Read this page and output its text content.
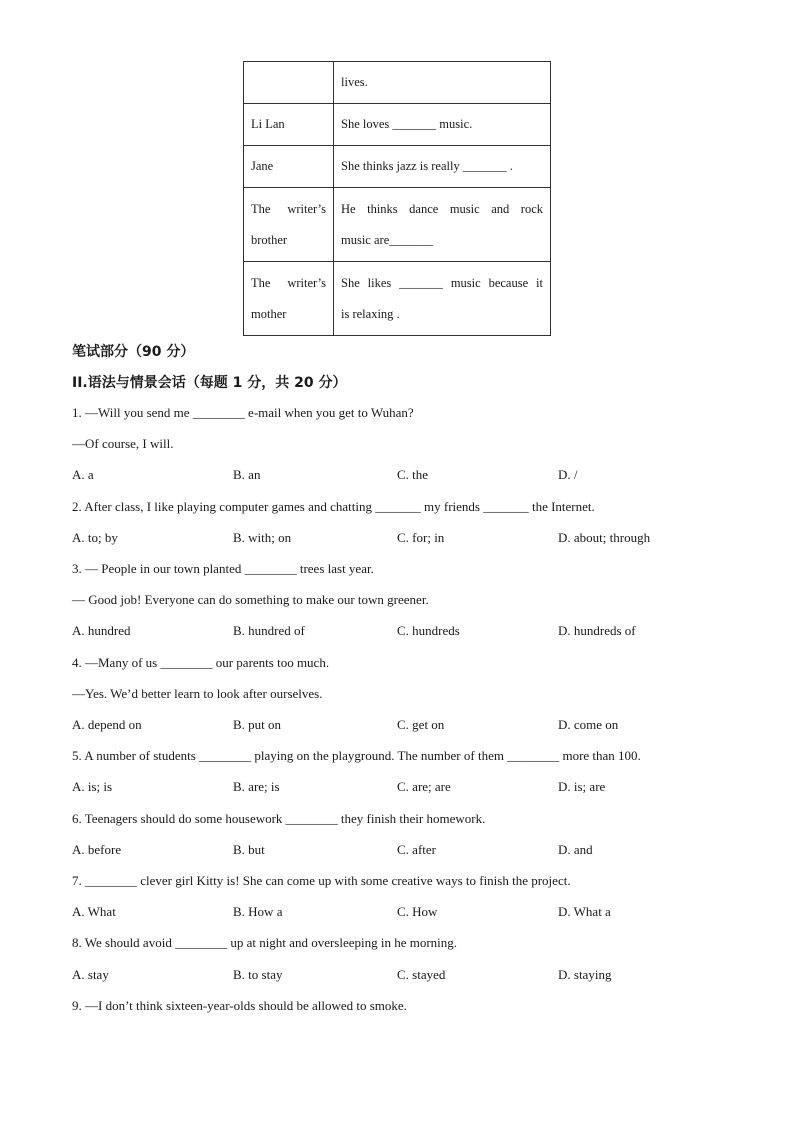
	lives.
Li Lan	She loves _______ music.
Jane	She thinks jazz is really _______ .

The writer’s
brother	He thinks dance music and rock
music are_______

The writer’s
mother	She likes _______ music because it
is relaxing .
笔试部分（90 分）
II.语法与情景会话（每题 1 分，共 20 分）
1. —Will you send me ________ e-mail when you get to Wuhan?
—Of course, I will.
A. a	B. an	C. the	D. /
2. After class, I like playing computer games and chatting _______ my friends _______ the Internet.
A. to; by	B. with; on	C. for; in	D. about; through
3. — People in our town planted ________ trees last year.
— Good job! Everyone can do something to make our town greener.
A. hundred	B. hundred of	C. hundreds	D. hundreds of
4. —Many of us ________ our parents too much.
—Yes. We’d better learn to look after ourselves.
A. depend on	B. put on	C. get on	D. come on
5. A number of students ________ playing on the playground. The number of them ________ more than 100.
A. is; is	B. are; is	C. are; are	D. is; are
6. Teenagers should do some housework ________ they finish their homework.
A. before	B. but	C. after	D. and
7. ________ clever girl Kitty is! She can come up with some creative ways to finish the project.
A. What	B. How a	C. How	D. What a
8. We should avoid ________ up at night and oversleeping in he morning.
A. stay	B. to stay	C. stayed	D. staying
9. —I don’t think sixteen-year-olds should be allowed to smoke.
